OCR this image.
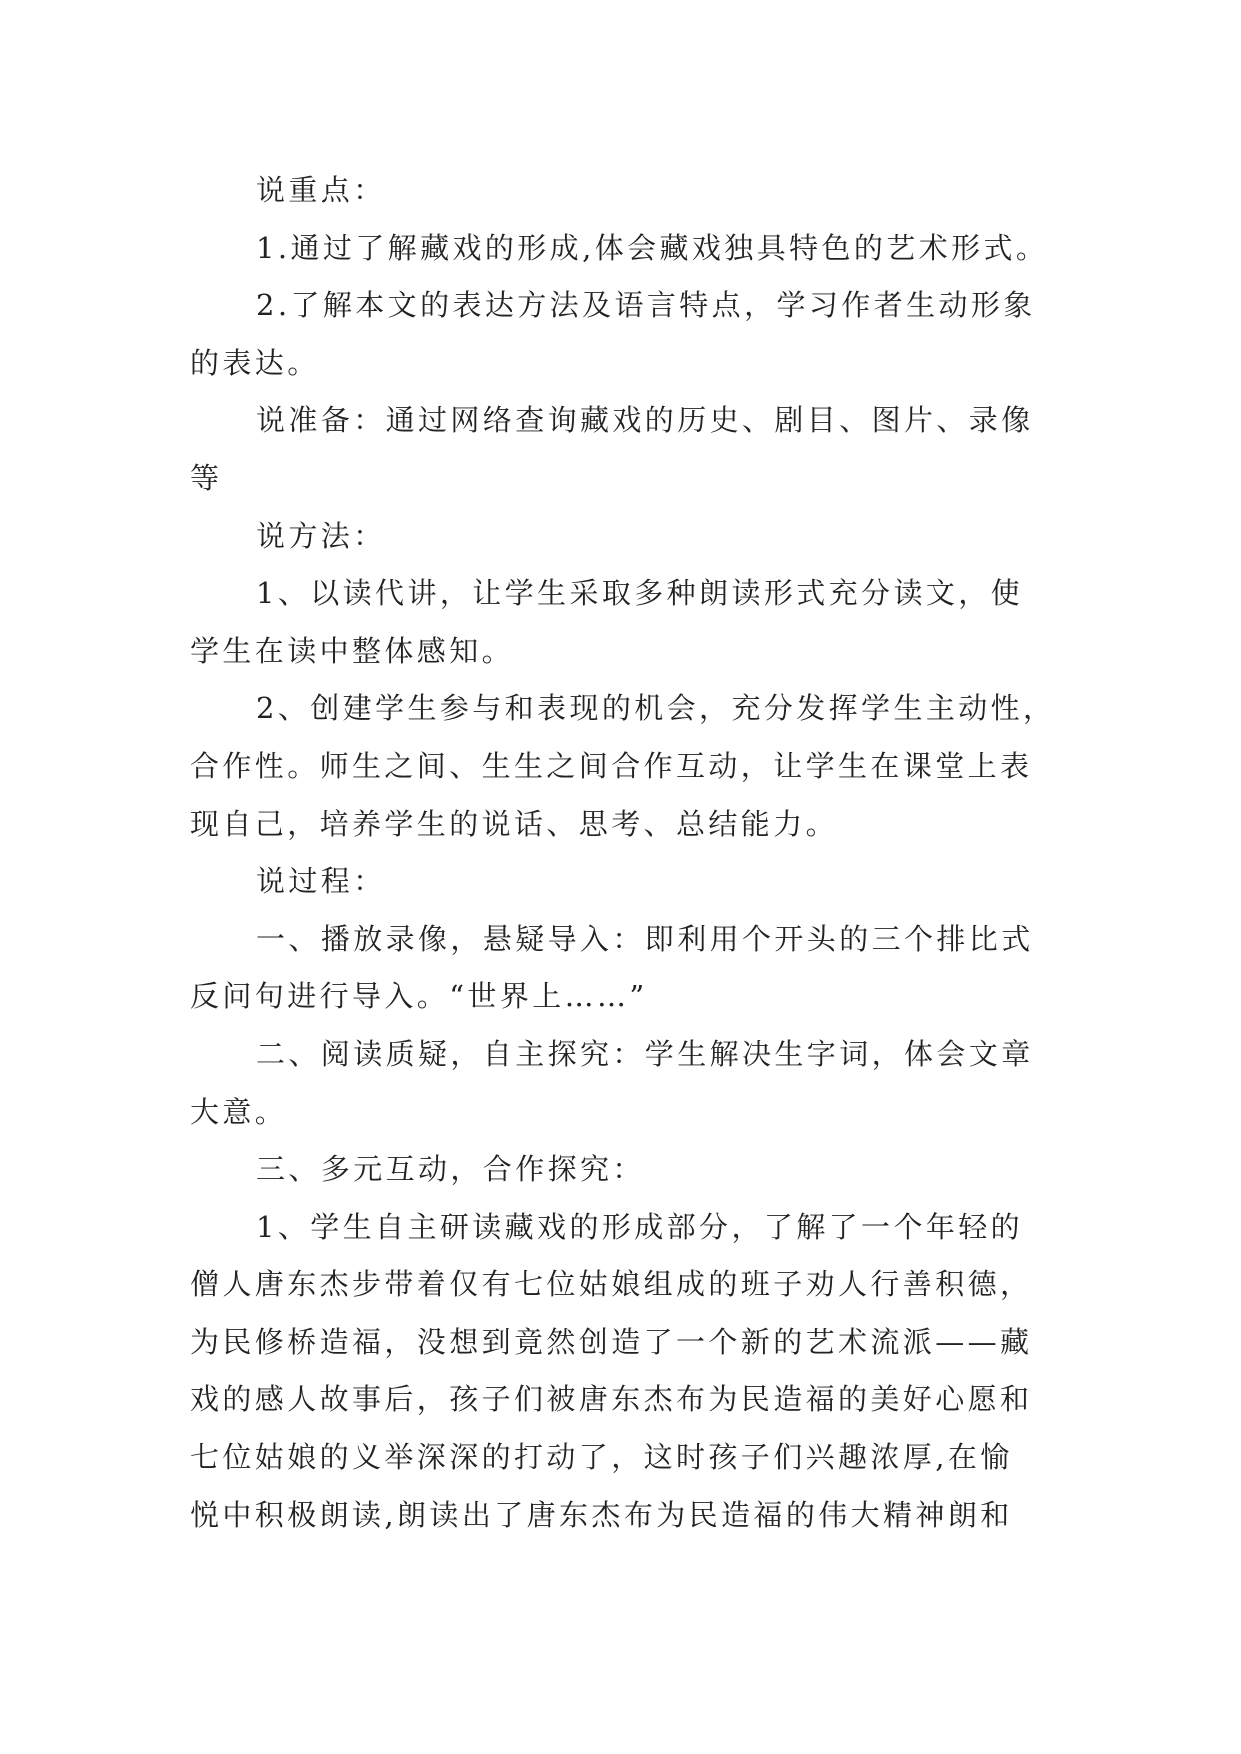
说重点：

1.通过了解藏戏的形成,体会藏戏独具特色的艺术形式。

2.了解本文的表达方法及语言特点，学习作者生动形象
的表达。

说准备：通过网络查询藏戏的历史、剧目、图片、录像
等

说方法：

1、以读代讲，让学生采取多种朗读形式充分读文，使
学生在读中整体感知。

2、创建学生参与和表现的机会，充分发挥学生主动性，
合作性。师生之间、生生之间合作互动，让学生在课堂上表
现自己，培养学生的说话、思考、总结能力。

说过程：

一、播放录像，悬疑导入：即利用个开头的三个排比式
反问句进行导入。“世界上……”

二、阅读质疑，自主探究：学生解决生字词，体会文章
大意。

三、多元互动，合作探究：

1、学生自主研读藏戏的形成部分，了解了一个年轻的
僧人唐东杰步带着仅有七位姑娘组成的班子劝人行善积德，
为民修桥造福，没想到竟然创造了一个新的艺术流派——藏
戏的感人故事后，孩子们被唐东杰布为民造福的美好心愿和
七位姑娘的义举深深的打动了，这时孩子们兴趣浓厚,在愉
悦中积极朗读,朗读出了唐东杰布为民造福的伟大精神朗和
